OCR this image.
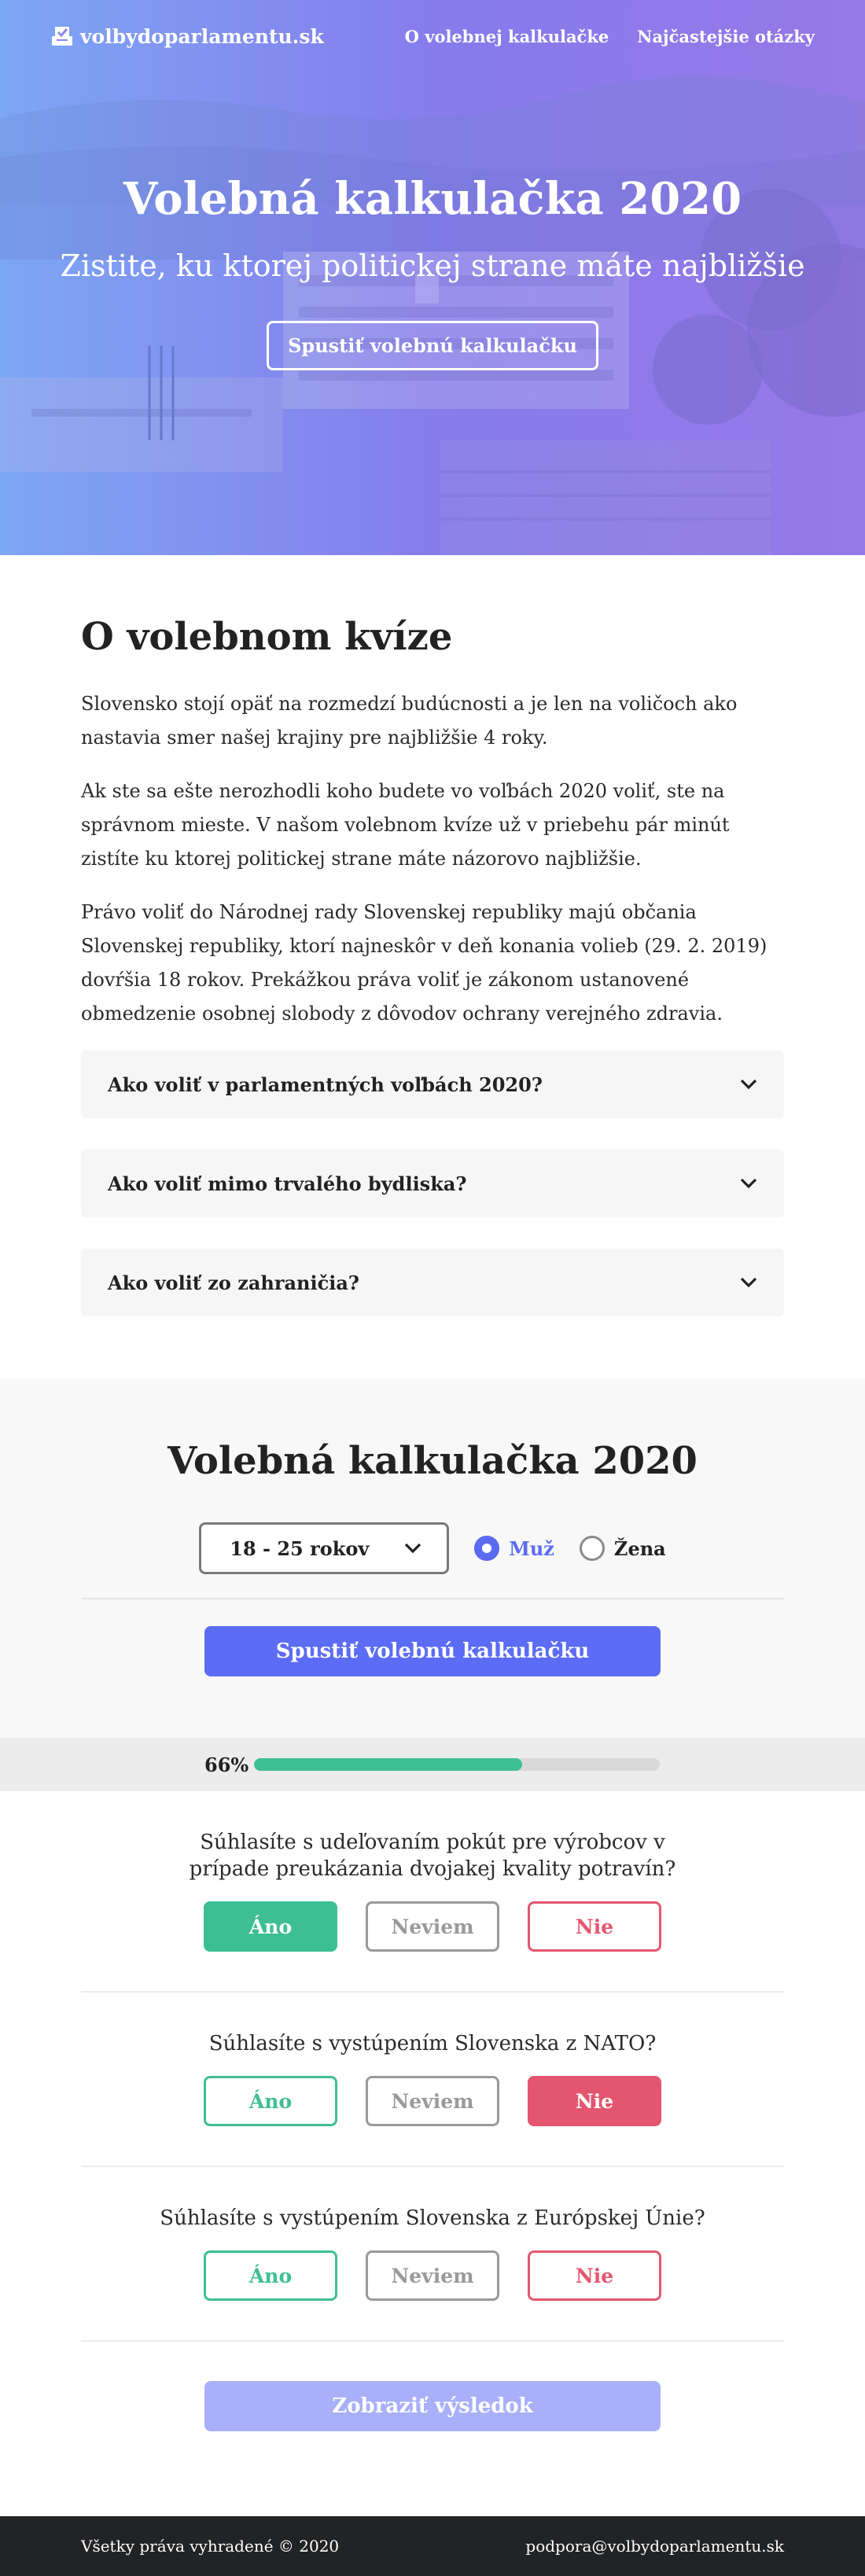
volbydoparlamentu.sk	O volebnej kalkulačke Najčastejšie otázky
Volebná kalkulačka 2020
Zistite, ku ktorej politickej strane máte najbližšie
Spustiť volebnú kalkulačku
O volebnom kvíze

Slovensko stojí opäť na rozmedzí budúcnosti a je len na voličoch ako nastavia smer našej krajiny pre najbližšie 4 roky.

Ak ste sa ešte nerozhodli koho budete vo voľbách 2020 voliť, ste na správnom mieste. V našom volebnom kvíze už v priebehu pár minút zistíte ku ktorej politickej strane máte názorovo najbližšie.

Právo voliť do Národnej rady Slovenskej republiky majú občania Slovenskej republiky, ktorí najneskôr v deň konania volieb (29. 2. 2019) dovŕšia 18 rokov. Prekážkou práva voliť je zákonom ustanovené obmedzenie osobnej slobody z dôvodov ochrany verejného zdravia.

Ako voliť v parlamentných voľbách 2020?
Ako voliť mimo trvalého bydliska?
Ako voliť zo zahraničia?
Volebná kalkulačka 2020
18 - 25 rokov	Muž	Žena
Spustiť volebnú kalkulačku
66%
Súhlasíte s udeľovaním pokút pre výrobcov v prípade preukázania dvojakej kvality potravín?
Áno	Neviem	Nie
Súhlasíte s vystúpením Slovenska z NATO?
Áno	Neviem	Nie
Súhlasíte s vystúpením Slovenska z Európskej Únie?
Áno	Neviem	Nie
Zobraziť výsledok
Všetky práva vyhradené © 2020	podpora@volbydoparlamentu.sk
